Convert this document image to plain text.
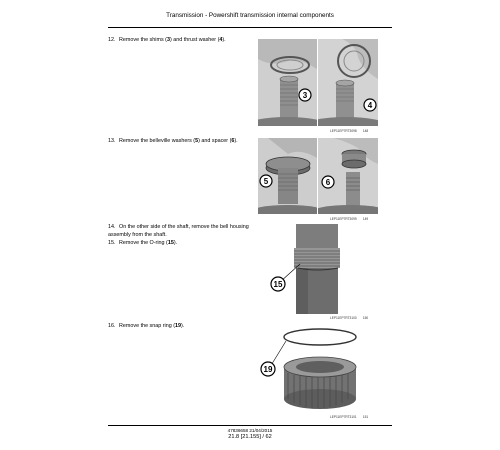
Transmission - Powershift transmission internal components
12. Remove the shims (3) and thrust washer (4).
3
4
LEP11EP7RT3098 148
13. Remove the belleville washers (5) and spacer (6).
5	6
LEP11EP7RT3099 149
14. On the other side of the shaft, remove the bell housing assembly from the shaft.
15. Remove the O-ring (15).
15
LEP11EP7RT3100 150
16. Remove the snap ring (19).
19
LEP11EP7RT3101 151
47836658 21/04/2015
21.8 [21.155] / 62
